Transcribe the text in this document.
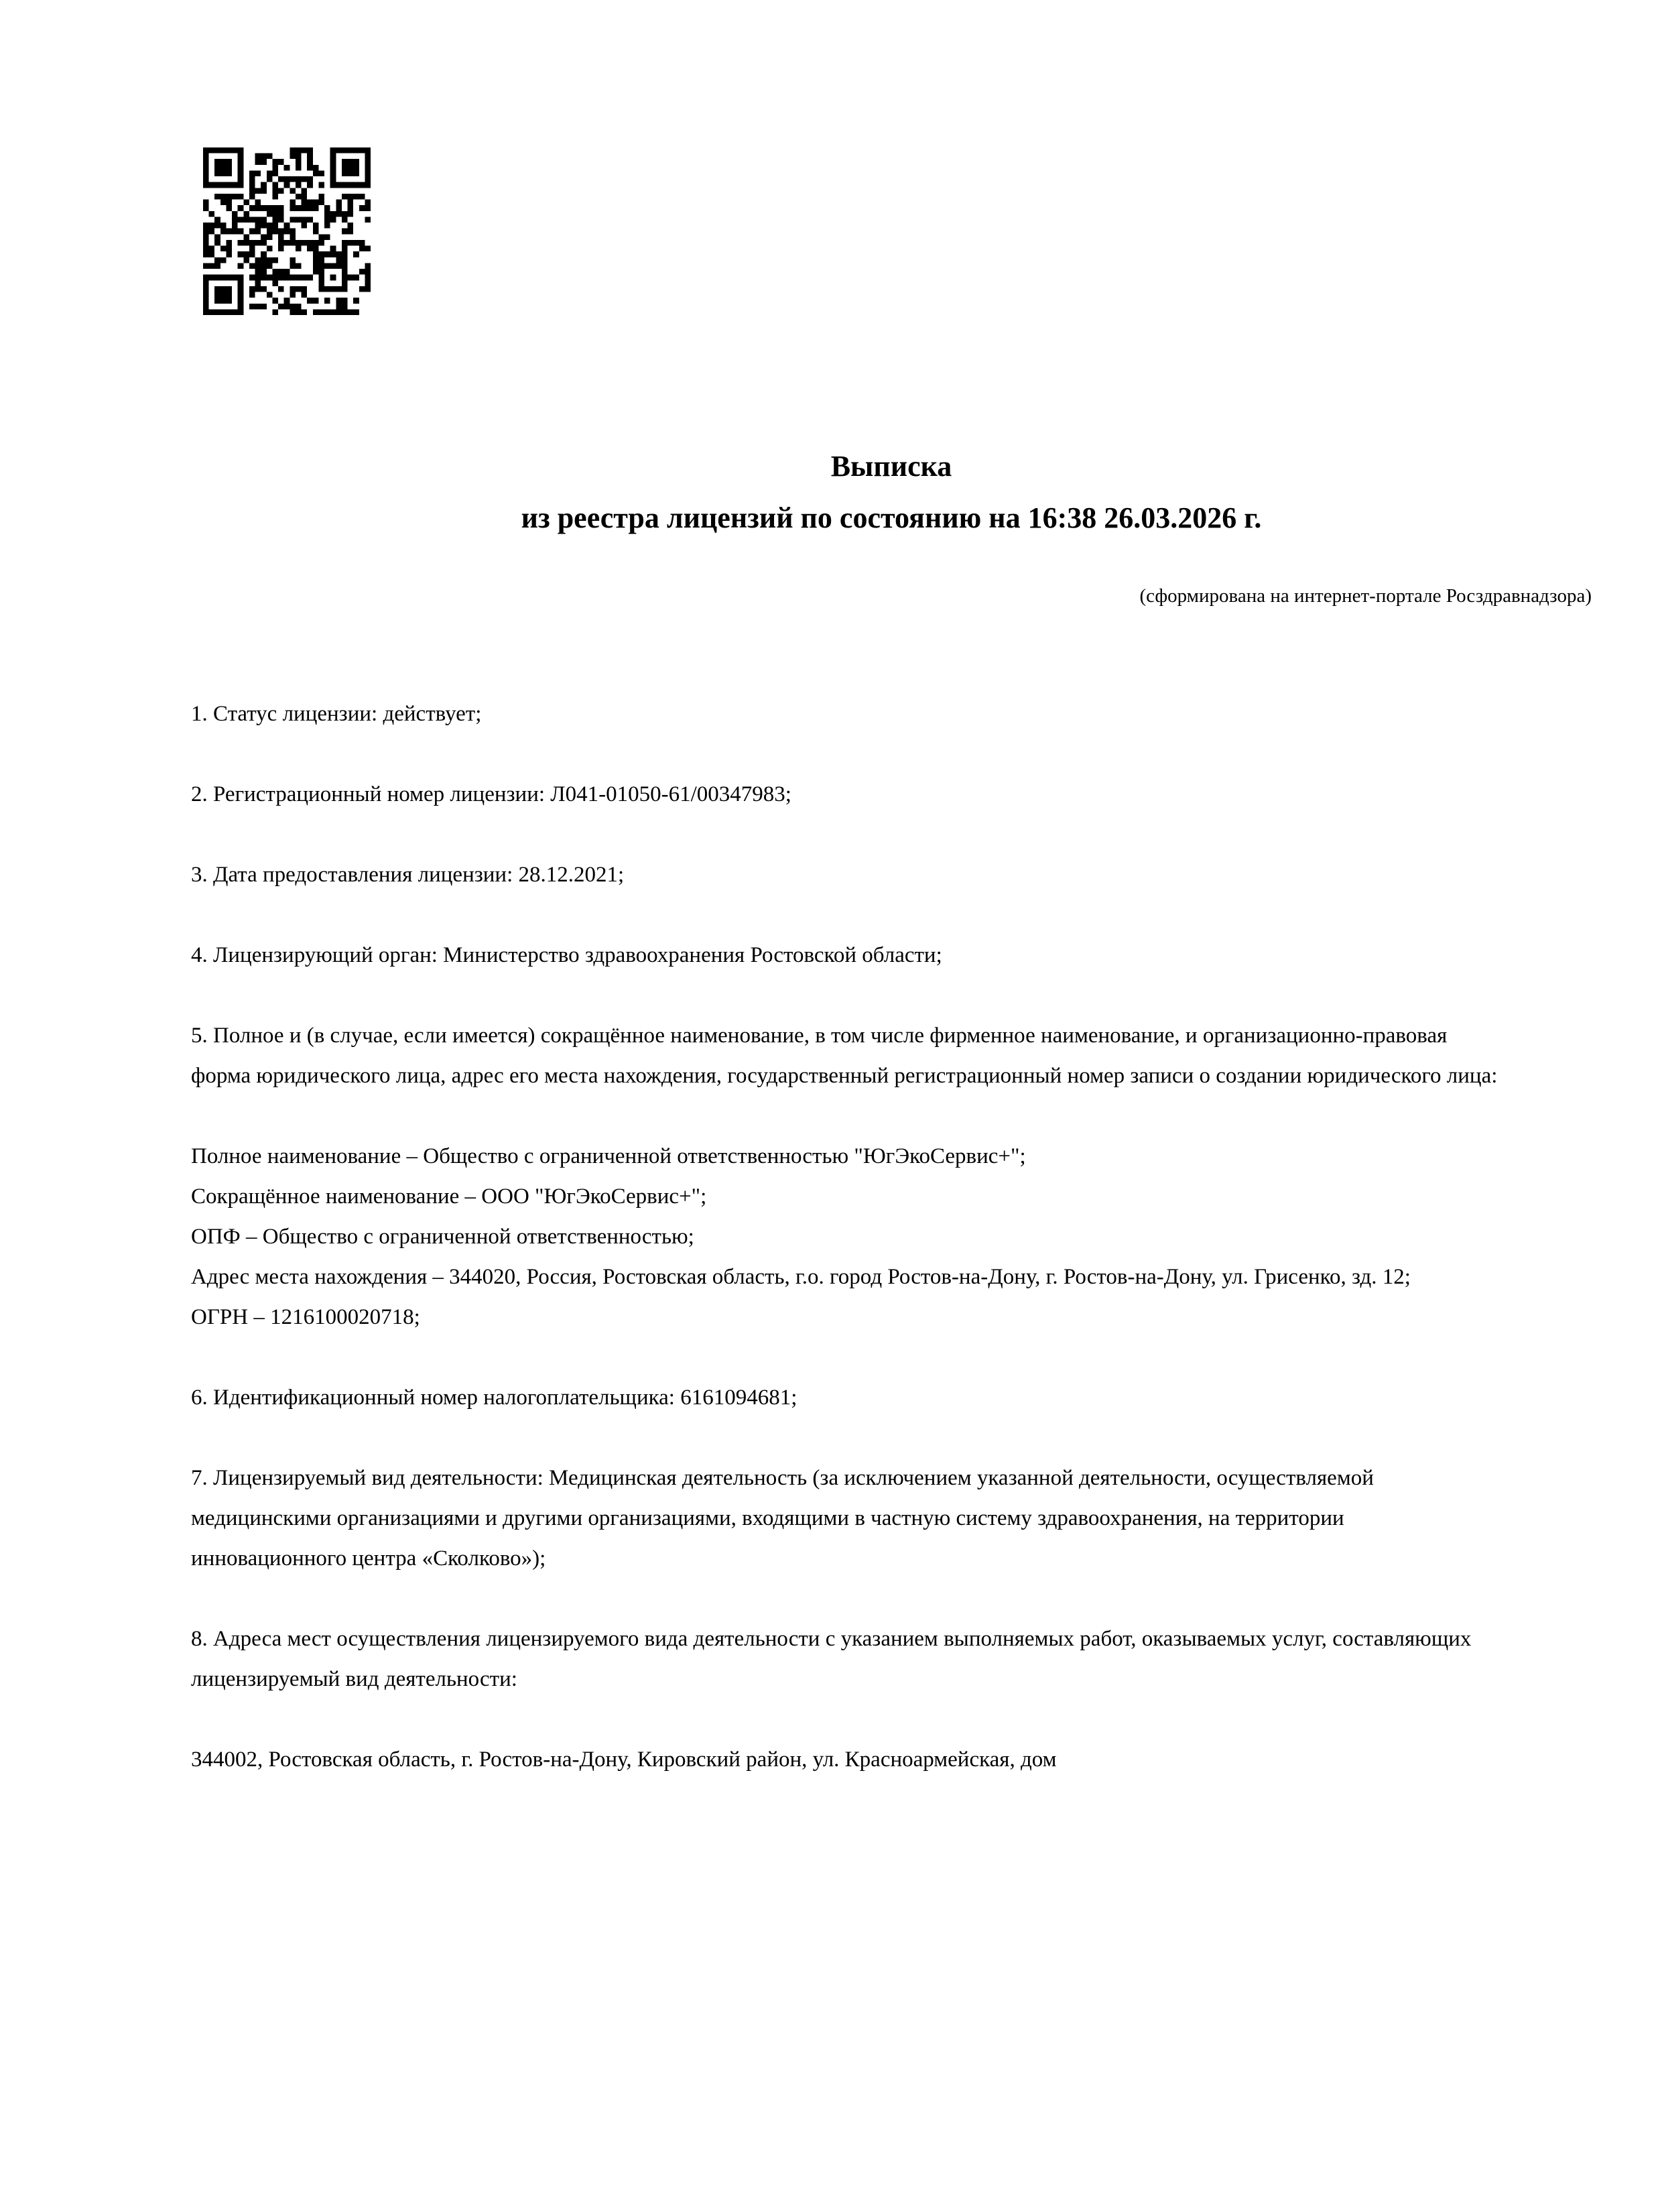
Выписка
из реестра лицензий по состоянию на 16:38 26.03.2026 г.
(сформирована на интернет-портале Росздравнадзора)

1. Статус лицензии: действует;

2. Регистрационный номер лицензии: Л041-01050-61/00347983;

3. Дата предоставления лицензии: 28.12.2021;

4. Лицензирующий орган: Министерство здравоохранения Ростовской области;

5. Полное и (в случае, если имеется) сокращённое наименование, в том числе фирменное наименование, и организационно-правовая форма юридического лица, адрес его места нахождения, государственный регистрационный номер записи о создании юридического лица:

Полное наименование – Общество с ограниченной ответственностью "ЮгЭкоСервис+";

Сокращённое наименование – ООО "ЮгЭкоСервис+";

ОПФ – Общество с ограниченной ответственностью;

Адрес места нахождения – 344020, Россия, Ростовская область, г.о. город Ростов-на-Дону, г. Ростов-на-Дону, ул. Грисенко, зд. 12;

ОГРН – 1216100020718;

6. Идентификационный номер налогоплательщика: 6161094681;

7. Лицензируемый вид деятельности: Медицинская деятельность (за исключением указанной деятельности, осуществляемой медицинскими организациями и другими организациями, входящими в частную систему здравоохранения, на территории инновационного центра «Сколково»);

8. Адреса мест осуществления лицензируемого вида деятельности с указанием выполняемых работ, оказываемых услуг, составляющих лицензируемый вид деятельности:

344002, Ростовская область, г. Ростов-на-Дону, Кировский район, ул. Красноармейская, дом
